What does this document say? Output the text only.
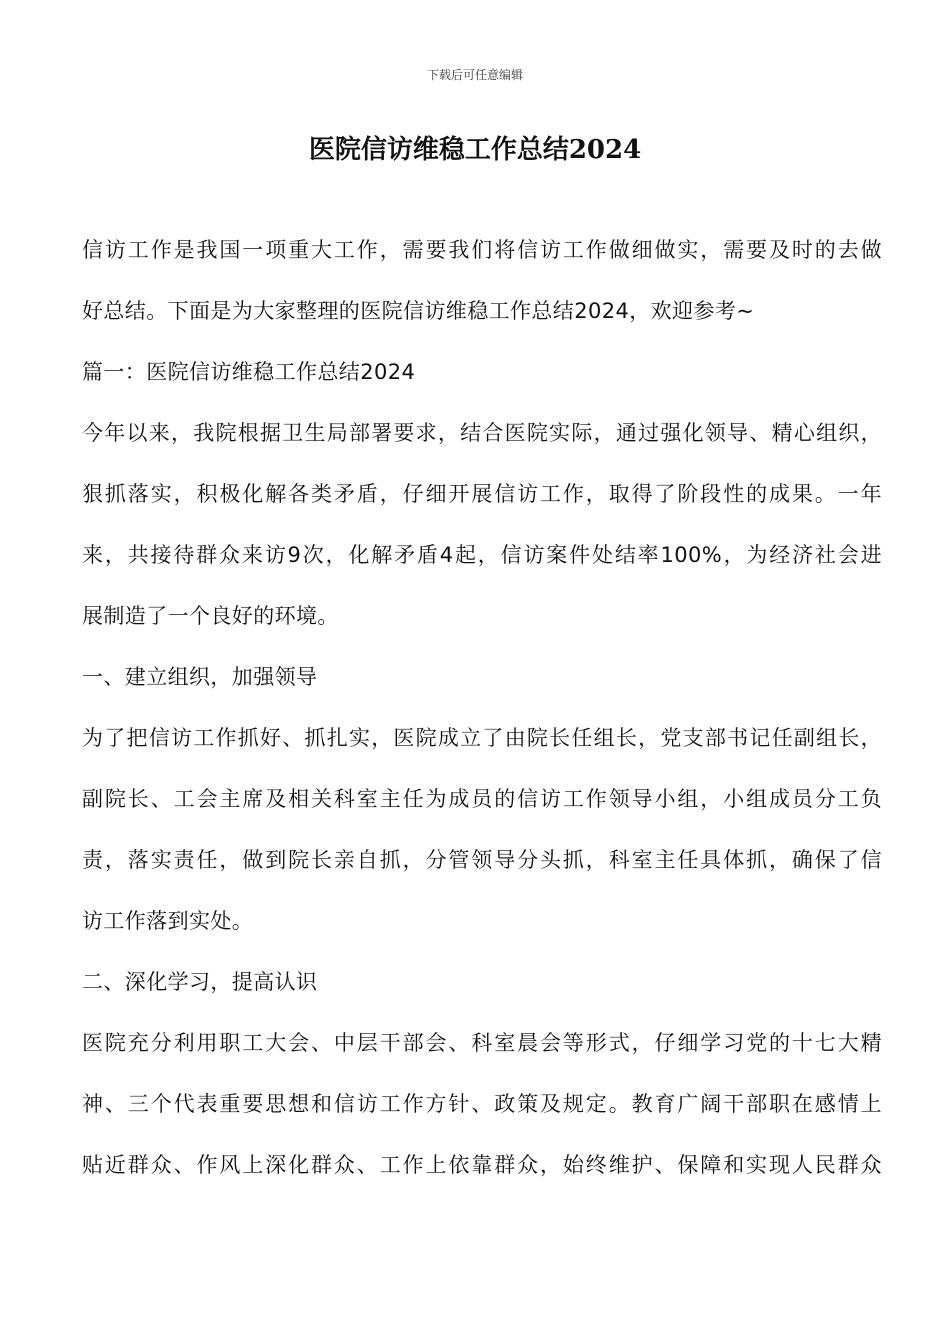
下载后可任意编辑
医院信访维稳工作总结2024
信访工作是我国一项重大工作，需要我们将信访工作做细做实，需要及时的去做
好总结。下面是为大家整理的医院信访维稳工作总结2024，欢迎参考~
篇一：医院信访维稳工作总结2024
今年以来，我院根据卫生局部署要求，结合医院实际，通过强化领导、精心组织，
狠抓落实，积极化解各类矛盾，仔细开展信访工作，取得了阶段性的成果。一年
来，共接待群众来访9次，化解矛盾4起，信访案件处结率100%，为经济社会进
展制造了一个良好的环境。
一、建立组织，加强领导
为了把信访工作抓好、抓扎实，医院成立了由院长任组长，党支部书记任副组长，
副院长、工会主席及相关科室主任为成员的信访工作领导小组，小组成员分工负
责，落实责任，做到院长亲自抓，分管领导分头抓，科室主任具体抓，确保了信
访工作落到实处。
二、深化学习，提高认识
医院充分利用职工大会、中层干部会、科室晨会等形式，仔细学习党的十七大精
神、三个代表重要思想和信访工作方针、政策及规定。教育广阔干部职在感情上
贴近群众、作风上深化群众、工作上依靠群众，始终维护、保障和实现人民群众
